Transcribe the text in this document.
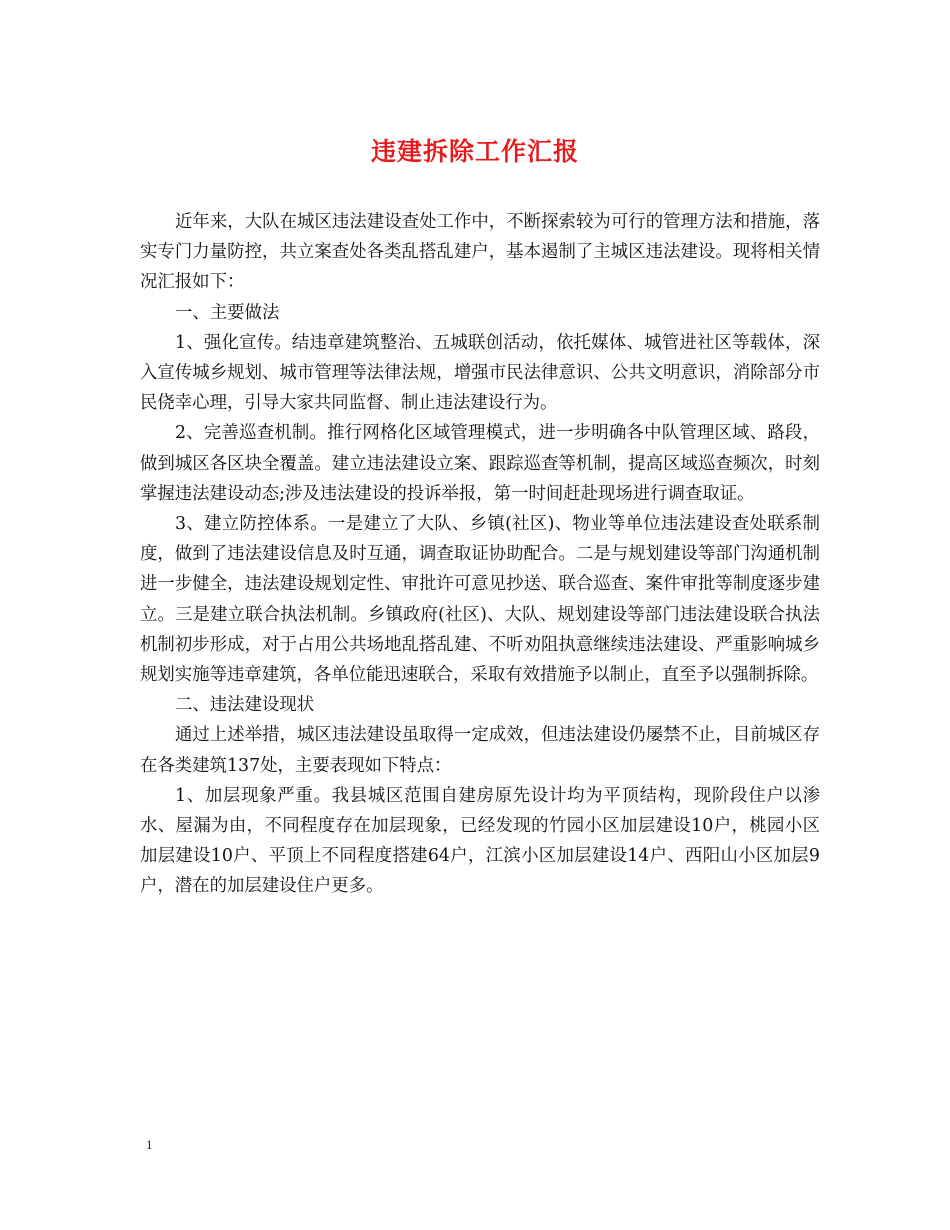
违建拆除工作汇报

近年来，大队在城区违法建设查处工作中，不断探索较为可行的管理方法和措施，落实专门力量防控，共立案查处各类乱搭乱建户，基本遏制了主城区违法建设。现将相关情况汇报如下：

一、主要做法

1、强化宣传。结违章建筑整治、五城联创活动，依托媒体、城管进社区等载体，深入宣传城乡规划、城市管理等法律法规，增强市民法律意识、公共文明意识，消除部分市民侥幸心理，引导大家共同监督、制止违法建设行为。

2、完善巡查机制。推行网格化区域管理模式，进一步明确各中队管理区域、路段，做到城区各区块全覆盖。建立违法建设立案、跟踪巡查等机制，提高区域巡查频次，时刻掌握违法建设动态;涉及违法建设的投诉举报，第一时间赶赴现场进行调查取证。

3、建立防控体系。一是建立了大队、乡镇(社区)、物业等单位违法建设查处联系制度，做到了违法建设信息及时互通，调查取证协助配合。二是与规划建设等部门沟通机制进一步健全，违法建设规划定性、审批许可意见抄送、联合巡查、案件审批等制度逐步建立。三是建立联合执法机制。乡镇政府(社区)、大队、规划建设等部门违法建设联合执法机制初步形成，对于占用公共场地乱搭乱建、不听劝阻执意继续违法建设、严重影响城乡规划实施等违章建筑，各单位能迅速联合，采取有效措施予以制止，直至予以强制拆除。

二、违法建设现状

通过上述举措，城区违法建设虽取得一定成效，但违法建设仍屡禁不止，目前城区存在各类建筑137处，主要表现如下特点：

1、加层现象严重。我县城区范围自建房原先设计均为平顶结构，现阶段住户以渗水、屋漏为由，不同程度存在加层现象，已经发现的竹园小区加层建设10户，桃园小区加层建设10户、平顶上不同程度搭建64户，江滨小区加层建设14户、西阳山小区加层9户，潜在的加层建设住户更多。

1
